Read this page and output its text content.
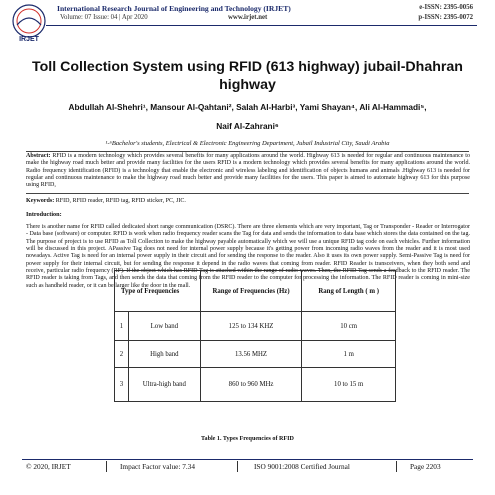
IRJET
International Research Journal of Engineering and Technology (IRJET)
Volume: 07 Issue: 04 | Apr 2020	www.irjet.net
e-ISSN: 2395-0056
p-ISSN: 2395-0072
Toll Collection System using RFID (613 highway) jubail-Dhahran
highway
Abdullah Al-Shehri¹, Mansour Al-Qahtani², Salah Al-Harbi³, Yami Shayan⁴, Ali Al-Hammadi⁵,
Naif Al-Zahrani⁶
¹-⁶Bachelor's students, Electrical & Electronic Engineering Department, Jubail Industrial City, Saudi Arabia
Abstract: RFID is a modern technology which provides several benefits for many applications around the world. Highway 613 is needed for regular and continuous maintenance to make the highway road much better and provide many facilities for the users RFID is a modern technology which provides several benefits for many applications around the world. Radio frequency identification (RFID) is a technology that enable the electronic and wireless labeling and identification of objects humans and animals .Highway 613 is needed for regular and continuous maintenance to make the highway road much better and provide many facilities for the users. This paper is aimed to automate highway 613 for this purpose using RFID,
Keywords: RFID, RFID reader, RFID tag, RFID sticker, PC, JIC.
Introduction:
There is another name for RFID called dedicated short range communication (DSRC). There are three elements which are very important, Tag or Transponder - Reader or Interrogator - Data base (software) or computer. RFID is work when radio frequency reader scans the Tag for data and sends the information to data base which stores the data contained on the tag. The purpose of project is to use RFID as Toll Collection to make the highway payable automatically which we will use a unique RFID tag code on each vehicles. Further information will be discussed in this project. APassive Tag does not need for internal power supply because it's getting power from incoming radio waves from the reader and it is most used nowadays. Active Tag is need for an internal power supply in their circuit and for sending the response to the reader. Also it uses its own power supply. Semi-Passive Tag is need for power supply for their internal circuit, but for sending the response it depend in the radio waves that coming from reader. RFID Reader is transceivers, when they both send and receive, particular radio frequency (RF). If the object which has RFID Tag is attached within the range of radio waves. Then, the RFID Tag sends a feedback to the RFID reader. The RFID reader is taking from Tags, and then sends the data that coming from the RFID reader to the computer for processing the information. The RFID reader is coming in mini-size such as handheld reader, or it can be larger like the door in the mall.
Type of Frequencies		Range of Frequencies (Hz)	Rang of Length ( m )
1	Low band	125 to 134 KHZ	10 cm
2	High band	13.56 MHZ	1 m
3	Ultra-high band	860 to 960 MHz	10 to 15 m
Table 1. Types Frequencies of RFID
© 2020, IRJET	Impact Factor value: 7.34	ISO 9001:2008 Certified Journal	Page 2203
